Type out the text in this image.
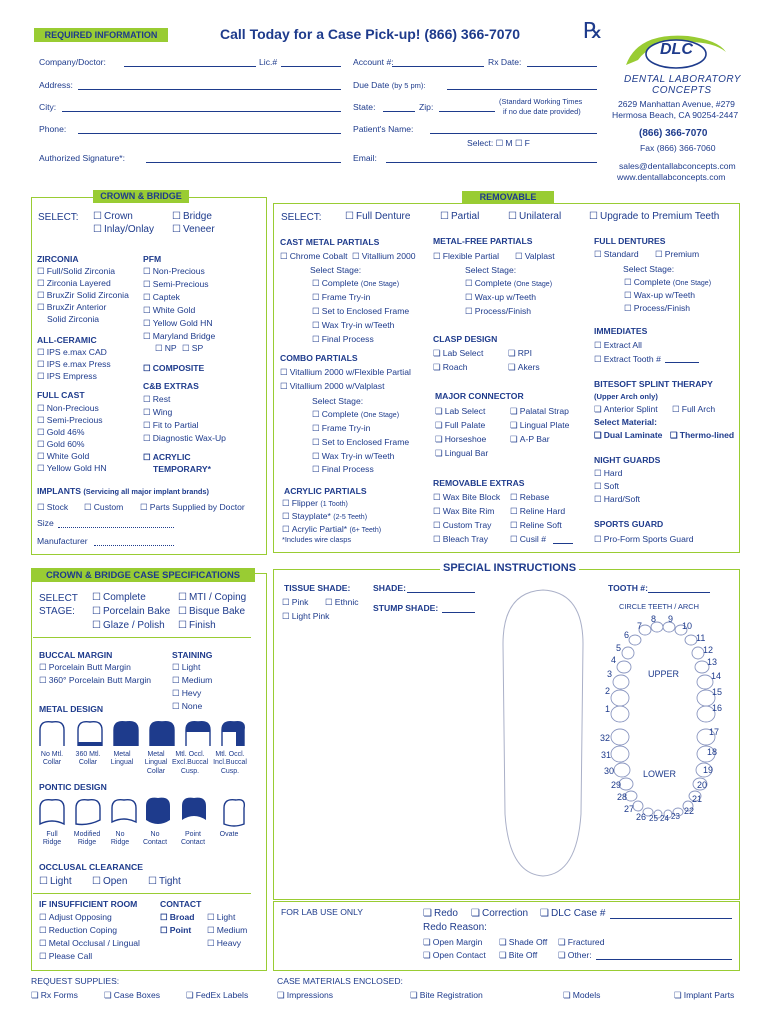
REQUIRED INFORMATION	Call Today for a Case Pick-up! (866) 366-7070	℞
Company/Doctor:	Lic.#	Account #:	Rx Date:
Address:	Due Date (by 5 pm):
City:	State:	Zip:
(Standard Working Times
if no due date provided)
Phone:	Patient's Name:
Select: ☐ M ☐ F
Authorized Signature*:	Email:
DLC
DENTAL LABORATORY
CONCEPTS
2629 Manhattan Avenue, #279
Hermosa Beach, CA 90254-2447
(866) 366-7070
Fax (866) 366-7060
sales@dentallabconcepts.com
www.dentallabconcepts.com
CROWN & BRIDGE
SELECT:	☐ Crown	☐ Bridge
☐ Inlay/Onlay	☐ Veneer
ZIRCONIA
☐ Full/Solid Zirconia
☐ Zirconia Layered
☐ BruxZir Solid Zirconia
☐ BruxZir Anterior
Solid Zirconia
PFM
☐ Non-Precious
☐ Semi-Precious
☐ Captek
☐ White Gold
☐ Yellow Gold HN
☐ Maryland Bridge
☐ NP	☐ SP
ALL-CERAMIC
☐ IPS e.max CAD
☐ IPS e.max Press
☐ IPS Empress
☐ COMPOSITE
FULL CAST
☐ Non-Precious
☐ Semi-Precious
☐ Gold 46%
☐ Gold 60%
☐ White Gold
☐ Yellow Gold HN
C&B EXTRAS
☐ Rest
☐ Wing
☐ Fit to Partial
☐ Diagnostic Wax-Up
☐ ACRYLIC
TEMPORARY*
IMPLANTS (Servicing all major implant brands)
☐ Stock	☐ Custom	☐ Parts Supplied by Doctor
Size
Manufacturer
REMOVABLE
SELECT:	☐ Full Denture	☐ Partial	☐ Unilateral	☐ Upgrade to Premium Teeth
CAST METAL PARTIALS
☐ Chrome Cobalt	☐ Vitallium 2000
Select Stage:
☐ Complete (One Stage)
☐ Frame Try-in
☐ Set to Enclosed Frame
☐ Wax Try-in w/Teeth
☐ Final Process
METAL-FREE PARTIALS
☐ Flexible Partial	☐ Valplast
Select Stage:
☐ Complete (One Stage)
☐ Wax-up w/Teeth
☐ Process/Finish
FULL DENTURES
☐ Standard	☐ Premium
Select Stage:
☐ Complete (One Stage)
☐ Wax-up w/Teeth
☐ Process/Finish
COMBO PARTIALS
☐ Vitallium 2000 w/Flexible Partial
☐ Vitallium 2000 w/Valplast
Select Stage:
☐ Complete (One Stage)
☐ Frame Try-in
☐ Set to Enclosed Frame
☐ Wax Try-in w/Teeth
☐ Final Process
CLASP DESIGN
❏ Lab Select	❏ RPI
❏ Roach	❏ Akers
IMMEDIATES
☐ Extract All
☐ Extract Tooth #
BITESOFT SPLINT THERAPY
(Upper Arch only)
❏ Anterior Splint	☐ Full Arch
Select Material:
❏ Dual Laminate	❏ Thermo-lined
MAJOR CONNECTOR
❏ Lab Select	❏ Palatal Strap
❏ Full Palate	❏ Lingual Plate
❏ Horseshoe	❏ A-P Bar
❏ Lingual Bar
NIGHT GUARDS
☐ Hard
☐ Soft
☐ Hard/Soft
ACRYLIC PARTIALS
☐ Flipper (1 Tooth)
☐ Stayplate* (2-5 Teeth)
☐ Acrylic Partial* (6+ Teeth)
*Includes wire clasps
REMOVABLE EXTRAS
☐ Wax Bite Block	☐ Rebase
☐ Wax Bite Rim	☐ Reline Hard
☐ Custom Tray	☐ Reline Soft
☐ Bleach Tray	☐ Cusil #
SPORTS GUARD
☐ Pro-Form Sports Guard
CROWN & BRIDGE CASE SPECIFICATIONS
SELECT
STAGE:
☐ Complete	☐ MTI / Coping
☐ Porcelain Bake	☐ Bisque Bake
☐ Glaze / Polish	☐ Finish
BUCCAL MARGIN
☐ Porcelain Butt Margin
☐ 360° Porcelain Butt Margin
STAINING
☐ Light
☐ Medium
☐ Hevy
☐ None
METAL DESIGN
No Mtl.
Collar
360 Mtl.
Collar
Metal
Lingual
Metal
Lingual
Collar
Mtl. Occl.
Excl.Buccal
Cusp.
Mtl. Occl.
Incl.Buccal
Cusp.
PONTIC DESIGN
Full
Ridge
Modified
Ridge
No
Ridge
No
Contact
Point
Contact
Ovate
OCCLUSAL CLEARANCE
☐ Light	☐ Open	☐ Tight
IF INSUFFICIENT ROOM
☐ Adjust Opposing
☐ Reduction Coping
☐ Metal Occlusal / Lingual
☐ Please Call
CONTACT
☐ Broad
☐ Point
☐ Light
☐ Medium
☐ Heavy
SPECIAL INSTRUCTIONS
TISSUE SHADE:
☐ Pink	☐ Ethnic
☐ Light Pink
SHADE:
STUMP SHADE:
TOOTH #:
CIRCLE TEETH / ARCH
1
2
3
4
5
6
7
8 9
10
11
12
13
14
15
16
17
18
19
20
21
22
23
24
25
26
27
28
29
30
31
32
UPPER
LOWER
FOR LAB USE ONLY	❏ Redo	❏ Correction	❏ DLC Case #
Redo Reason:
❏ Open Margin	❏ Shade Off	❏ Fractured
❏ Open Contact	❏ Bite Off	❏ Other:
REQUEST SUPPLIES:
❏ Rx Forms	❏ Case Boxes	❏ FedEx Labels
CASE MATERIALS ENCLOSED:
❏ Impressions	❏ Bite Registration	❏ Models	❏ Implant Parts
